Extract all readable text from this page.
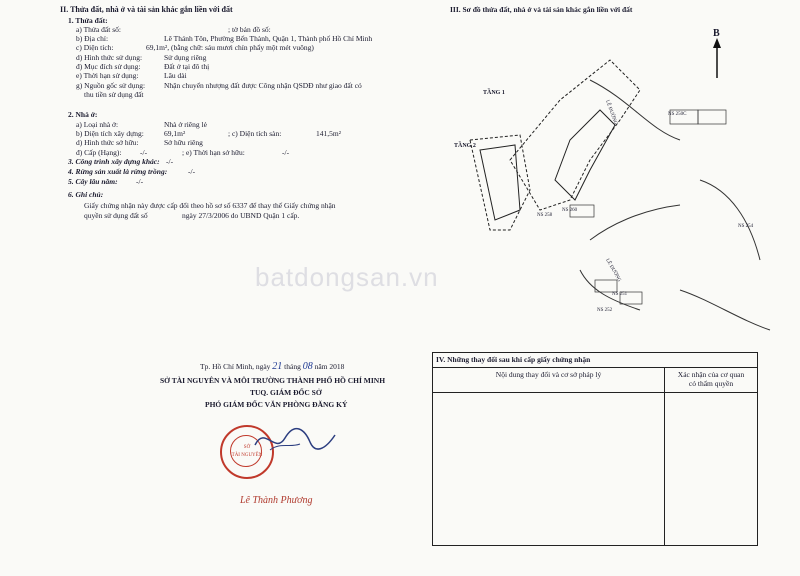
II. Thửa đất, nhà ở và tài sản khác gắn liền với đất
1. Thửa đất:
a) Thửa đất số:	; tờ bản đồ số:
b) Địa chỉ:	Lê Thánh Tôn, Phường Bến Thành, Quận 1, Thành phố Hồ Chí Minh
c) Diện tích:	69,1m², (bằng chữ: sáu mươi chín phẩy một mét vuông)
d) Hình thức sử dụng:	Sử dụng riêng
đ) Mục đích sử dụng:	Đất ở tại đô thị
e) Thời hạn sử dụng:	Lâu dài
g) Nguồn gốc sử dụng:	Nhận chuyển nhượng đất được Công nhận QSDĐ như giao đất có
thu tiền sử dụng đất
2. Nhà ở:
a) Loại nhà ở:	Nhà ở riêng lẻ
b) Diện tích xây dựng:	69,1m²	; c) Diện tích sàn:	141,5m²
d) Hình thức sở hữu:	Sở hữu riêng
đ) Cấp (Hạng): -/-	; e) Thời hạn sở hữu:	-/-
3. Công trình xây dựng khác: -/-
4. Rừng sản xuất là rừng trồng:	-/-
5. Cây lâu năm: -/-
6. Ghi chú:
Giấy chứng nhận này được cấp đổi theo hồ sơ số 6337 để thay thế Giấy chứng nhận
quyền sử dụng đất số	ngày 27/3/2006 do UBND Quận 1 cấp.
Tp. Hồ Chí Minh, ngày 21 tháng 08 năm 2018
SỞ TÀI NGUYÊN VÀ MÔI TRƯỜNG THÀNH PHỐ HỒ CHÍ MINH
TUQ. GIÁM ĐỐC SỞ
PHÓ GIÁM ĐỐC VĂN PHÒNG ĐĂNG KÝ
SỞ
TÀI NGUYÊN
Lê Thành Phương
III. Sơ đồ thửa đất, nhà ở và tài sản khác gắn liền với đất
B
TẦNG 1
TẦNG 2
LÊ ĐƯỜNG
LÊ ĐƯỜNG
NS 250C
NS 260
NS 258
NS 254
NS 251
NS 252
batdongsan.vn
IV. Những thay đổi sau khi cấp giấy chứng nhận	
Nội dung thay đổi và cơ sở pháp lý	Xác nhận của cơ quan
có thẩm quyền
